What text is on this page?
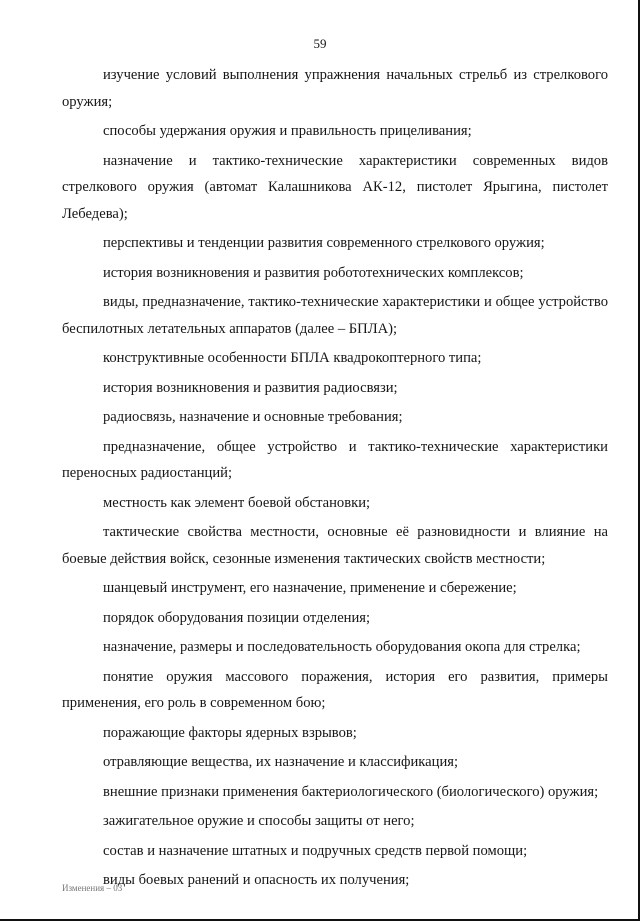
59

изучение условий выполнения упражнения начальных стрельб из стрелкового оружия;

способы удержания оружия и правильность прицеливания;

назначение и тактико-технические характеристики современных видов стрелкового оружия (автомат Калашникова АК-12, пистолет Ярыгина, пистолет Лебедева);

перспективы и тенденции развития современного стрелкового оружия;

история возникновения и развития робототехнических комплексов;

виды, предназначение, тактико-технические характеристики и общее устройство беспилотных летательных аппаратов (далее – БПЛА);

конструктивные особенности БПЛА квадрокоптерного типа;

история возникновения и развития радиосвязи;

радиосвязь, назначение и основные требования;

предназначение, общее устройство и тактико-технические характеристики переносных радиостанций;

местность как элемент боевой обстановки;

тактические свойства местности, основные её разновидности и влияние на боевые действия войск, сезонные изменения тактических свойств местности;

шанцевый инструмент, его назначение, применение и сбережение;

порядок оборудования позиции отделения;

назначение, размеры и последовательность оборудования окопа для стрелка;

понятие оружия массового поражения, история его развития, примеры применения, его роль в современном бою;

поражающие факторы ядерных взрывов;

отравляющие вещества, их назначение и классификация;

внешние признаки применения бактериологического (биологического) оружия;

зажигательное оружие и способы защиты от него;

состав и назначение штатных и подручных средств первой помощи;

виды боевых ранений и опасность их получения;

Изменения – 03
